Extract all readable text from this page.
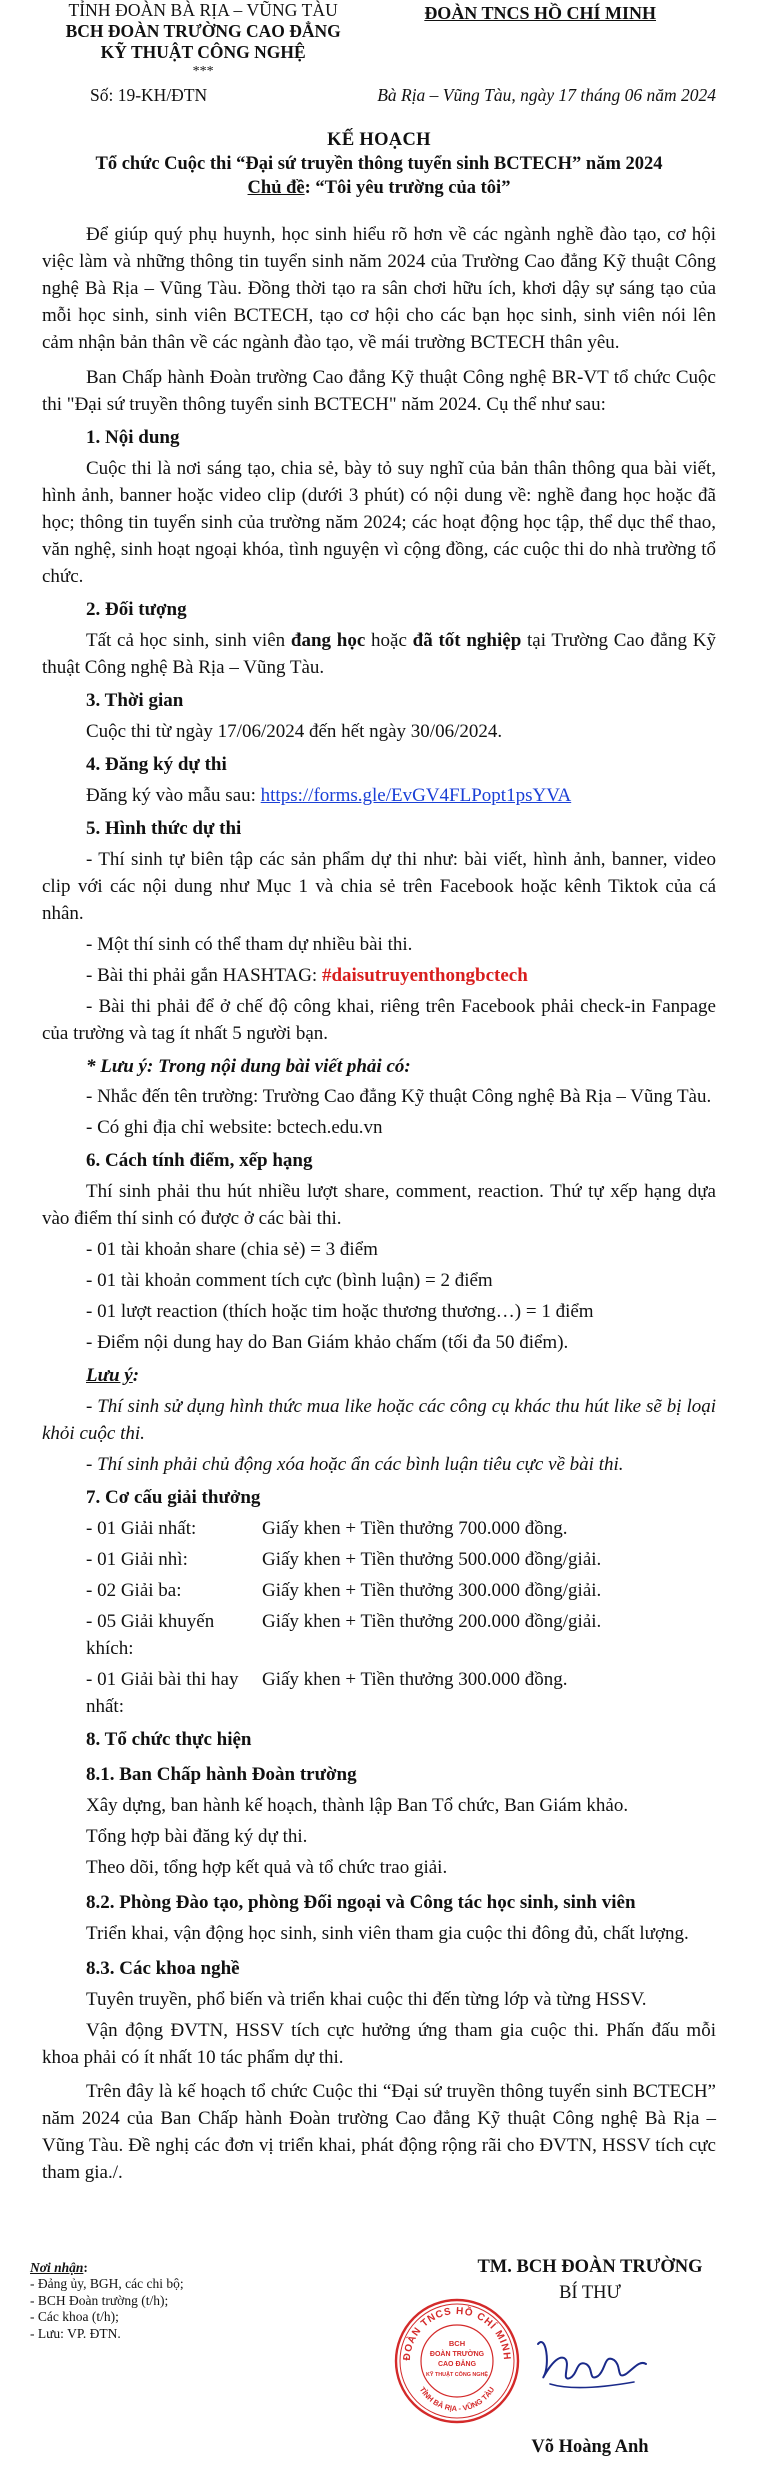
TỈNH ĐOÀN BÀ RỊA – VŨNG TÀU
BCH ĐOÀN TRƯỜNG CAO ĐẲNG
KỸ THUẬT CÔNG NGHỆ
***
ĐOÀN TNCS HỒ CHÍ MINH
Số: 19-KH/ĐTN	Bà Rịa – Vũng Tàu, ngày 17 tháng 06 năm 2024
KẾ HOẠCH
Tổ chức Cuộc thi “Đại sứ truyền thông tuyển sinh BCTECH” năm 2024
Chủ đề: “Tôi yêu trường của tôi”

Để giúp quý phụ huynh, học sinh hiểu rõ hơn về các ngành nghề đào tạo, cơ hội việc làm và những thông tin tuyển sinh năm 2024 của Trường Cao đẳng Kỹ thuật Công nghệ Bà Rịa – Vũng Tàu. Đồng thời tạo ra sân chơi hữu ích, khơi dậy sự sáng tạo của mỗi học sinh, sinh viên BCTECH, tạo cơ hội cho các bạn học sinh, sinh viên nói lên cảm nhận bản thân về các ngành đào tạo, về mái trường BCTECH thân yêu.

Ban Chấp hành Đoàn trường Cao đẳng Kỹ thuật Công nghệ BR-VT tổ chức Cuộc thi "Đại sứ truyền thông tuyển sinh BCTECH" năm 2024. Cụ thể như sau:

1. Nội dung

Cuộc thi là nơi sáng tạo, chia sẻ, bày tỏ suy nghĩ của bản thân thông qua bài viết, hình ảnh, banner hoặc video clip (dưới 3 phút) có nội dung về: nghề đang học hoặc đã học; thông tin tuyển sinh của trường năm 2024; các hoạt động học tập, thể dục thể thao, văn nghệ, sinh hoạt ngoại khóa, tình nguyện vì cộng đồng, các cuộc thi do nhà trường tổ chức.

2. Đối tượng

Tất cả học sinh, sinh viên đang học hoặc đã tốt nghiệp tại Trường Cao đẳng Kỹ thuật Công nghệ Bà Rịa – Vũng Tàu.

3. Thời gian

Cuộc thi từ ngày 17/06/2024 đến hết ngày 30/06/2024.

4. Đăng ký dự thi

Đăng ký vào mẫu sau: https://forms.gle/EvGV4FLPopt1psYVA

5. Hình thức dự thi

- Thí sinh tự biên tập các sản phẩm dự thi như: bài viết, hình ảnh, banner, video clip với các nội dung như Mục 1 và chia sẻ trên Facebook hoặc kênh Tiktok của cá nhân.

- Một thí sinh có thể tham dự nhiều bài thi.

- Bài thi phải gắn HASHTAG: #daisutruyenthongbctech

- Bài thi phải để ở chế độ công khai, riêng trên Facebook phải check-in Fanpage của trường và tag ít nhất 5 người bạn.

* Lưu ý: Trong nội dung bài viết phải có:

- Nhắc đến tên trường: Trường Cao đẳng Kỹ thuật Công nghệ Bà Rịa – Vũng Tàu.

- Có ghi địa chỉ website: bctech.edu.vn

6. Cách tính điểm, xếp hạng

Thí sinh phải thu hút nhiều lượt share, comment, reaction. Thứ tự xếp hạng dựa vào điểm thí sinh có được ở các bài thi.

- 01 tài khoản share (chia sẻ) = 3 điểm

- 01 tài khoản comment tích cực (bình luận) = 2 điểm

- 01 lượt reaction (thích hoặc tim hoặc thương thương…) = 1 điểm

- Điểm nội dung hay do Ban Giám khảo chấm (tối đa 50 điểm).

Lưu ý:

- Thí sinh sử dụng hình thức mua like hoặc các công cụ khác thu hút like sẽ bị loại khỏi cuộc thi.

- Thí sinh phải chủ động xóa hoặc ẩn các bình luận tiêu cực về bài thi.

7. Cơ cấu giải thưởng

- 01 Giải nhất:	Giấy khen + Tiền thưởng 700.000 đồng.
- 01 Giải nhì:	Giấy khen + Tiền thưởng 500.000 đồng/giải.
- 02 Giải ba:	Giấy khen + Tiền thưởng 300.000 đồng/giải.
- 05 Giải khuyến khích:
Giấy khen + Tiền thưởng 200.000 đồng/giải.
- 01 Giải bài thi hay nhất:
Giấy khen + Tiền thưởng 300.000 đồng.

8. Tổ chức thực hiện

8.1. Ban Chấp hành Đoàn trường

Xây dựng, ban hành kế hoạch, thành lập Ban Tổ chức, Ban Giám khảo.

Tổng hợp bài đăng ký dự thi.

Theo dõi, tổng hợp kết quả và tổ chức trao giải.

8.2. Phòng Đào tạo, phòng Đối ngoại và Công tác học sinh, sinh viên

Triển khai, vận động học sinh, sinh viên tham gia cuộc thi đông đủ, chất lượng.

8.3. Các khoa nghề

Tuyên truyền, phổ biến và triển khai cuộc thi đến từng lớp và từng HSSV.

Vận động ĐVTN, HSSV tích cực hưởng ứng tham gia cuộc thi. Phấn đấu mỗi khoa phải có ít nhất 10 tác phẩm dự thi.

Trên đây là kế hoạch tổ chức Cuộc thi “Đại sứ truyền thông tuyển sinh BCTECH” năm 2024 của Ban Chấp hành Đoàn trường Cao đẳng Kỹ thuật Công nghệ Bà Rịa – Vũng Tàu. Đề nghị các đơn vị triển khai, phát động rộng rãi cho ĐVTN, HSSV tích cực tham gia./.

Nơi nhận:
- Đảng ủy, BGH, các chi bộ;
- BCH Đoàn trường (t/h);
- Các khoa (t/h);
- Lưu: VP. ĐTN.
TM. BCH ĐOÀN TRƯỜNG
BÍ THƯ
Võ Hoàng Anh
ĐOÀN TNCS HỒ CHÍ MINH
TỈNH BÀ RỊA - VŨNG TÀU
BCH
ĐOÀN TRƯỜNG
CAO ĐẲNG
KỸ THUẬT CÔNG NGHỆ
